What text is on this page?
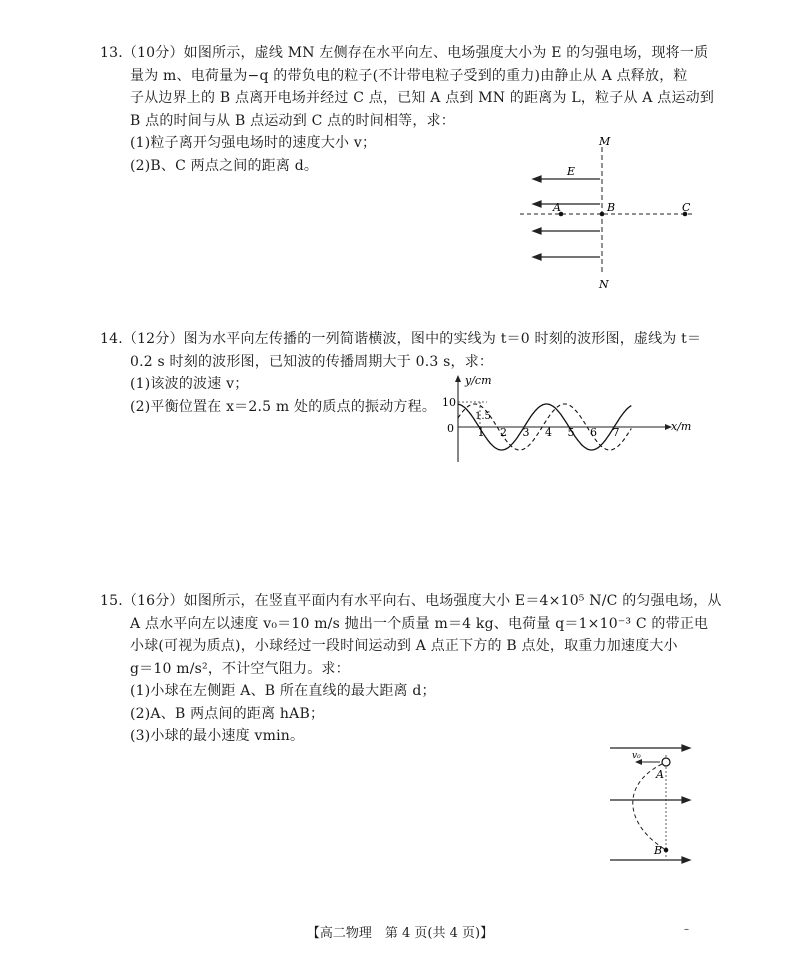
13.（10分）如图所示，虚线 MN 左侧存在水平向左、电场强度大小为 E 的匀强电场，现将一质
量为 m、电荷量为−q 的带负电的粒子(不计带电粒子受到的重力)由静止从 A 点释放，粒
子从边界上的 B 点离开电场并经过 C 点，已知 A 点到 MN 的距离为 L，粒子从 A 点运动到
B 点的时间与从 B 点运动到 C 点的时间相等，求：
(1)粒子离开匀强电场时的速度大小 v；
(2)B、C 两点之间的距离 d。
M
N
E
A	B	C
14.（12分）图为水平向左传播的一列简谐横波，图中的实线为 t＝0 时刻的波形图，虚线为 t＝
0.2 s 时刻的波形图，已知波的传播周期大于 0.3 s，求：
(1)该波的波速 v；
(2)平衡位置在 x＝2.5 m 处的质点的振动方程。
y/cm
x/m
0
10
1.5
1 2 3 4 5 6 7
15.（16分）如图所示，在竖直平面内有水平向右、电场强度大小 E＝4×10⁵ N/C 的匀强电场，从
A 点水平向左以速度 v₀＝10 m/s 抛出一个质量 m＝4 kg、电荷量 q＝1×10⁻³ C 的带正电
小球(可视为质点)，小球经过一段时间运动到 A 点正下方的 B 点处，取重力加速度大小
g＝10 m/s²，不计空气阻力。求：
(1)小球在左侧距 A、B 所在直线的最大距离 d；
(2)A、B 两点间的距离 hAB；
(3)小球的最小速度 vmin。
v₀
A
B
【高二物理　第 4 页(共 4 页)】	–
